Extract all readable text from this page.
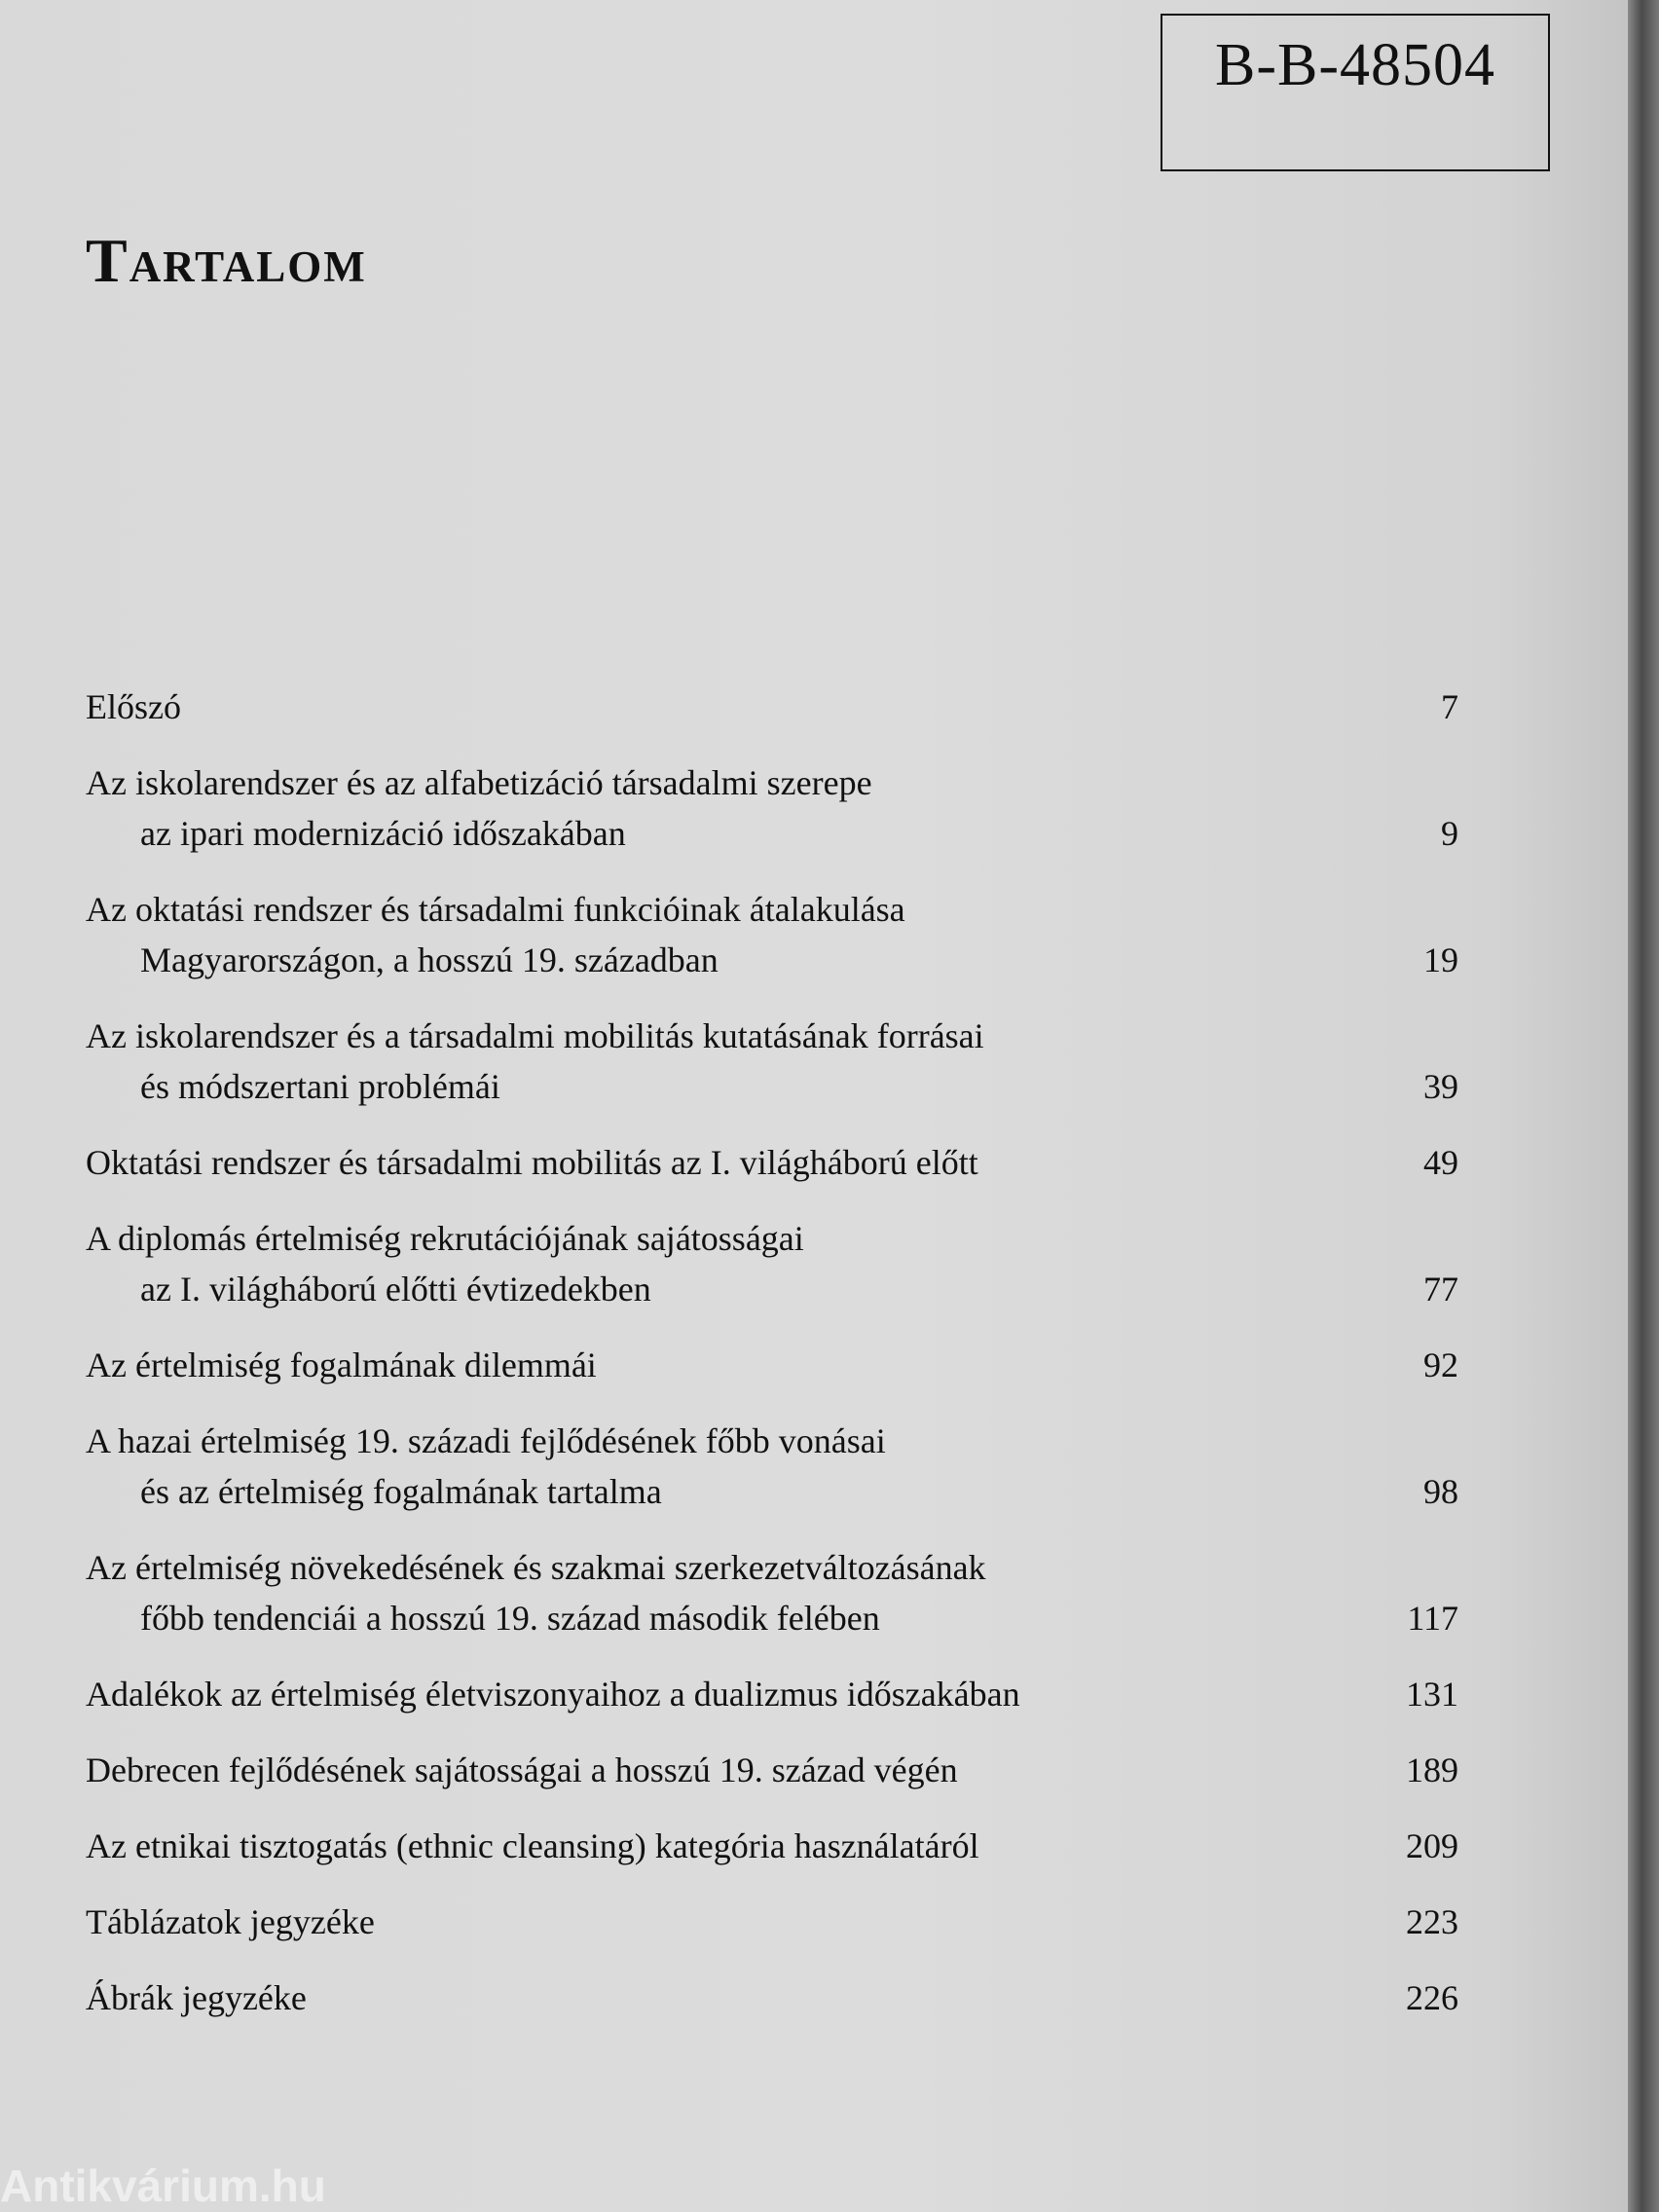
B-B-48504
Tartalom
Előszó	7
Az iskolarendszer és az alfabetizáció társadalmi szerepe
az ipari modernizáció időszakában	9
Az oktatási rendszer és társadalmi funkcióinak átalakulása
Magyarországon, a hosszú 19. században	19
Az iskolarendszer és a társadalmi mobilitás kutatásának forrásai
és módszertani problémái	39
Oktatási rendszer és társadalmi mobilitás az I. világháború előtt	49
A diplomás értelmiség rekrutációjának sajátosságai
az I. világháború előtti évtizedekben	77
Az értelmiség fogalmának dilemmái	92
A hazai értelmiség 19. századi fejlődésének főbb vonásai
és az értelmiség fogalmának tartalma	98
Az értelmiség növekedésének és szakmai szerkezetváltozásának
főbb tendenciái a hosszú 19. század második felében	117
Adalékok az értelmiség életviszonyaihoz a dualizmus időszakában	131
Debrecen fejlődésének sajátosságai a hosszú 19. század végén	189
Az etnikai tisztogatás (ethnic cleansing) kategória használatáról	209
Táblázatok jegyzéke	223
Ábrák jegyzéke	226
Antikvárium.hu
